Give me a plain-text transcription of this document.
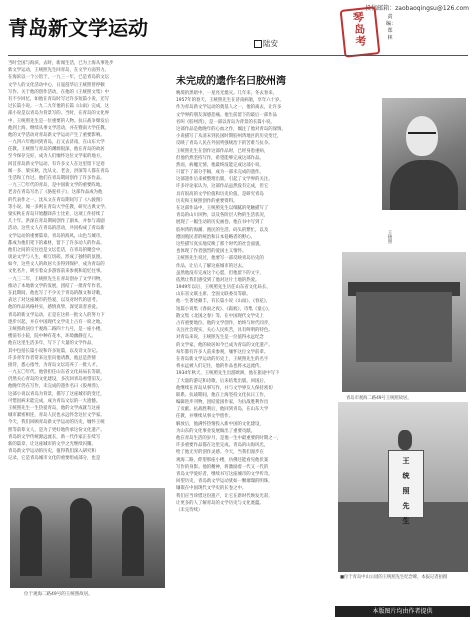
投稿邮箱：zaobaoqingsu@126.com
青岛新文学运动
陆安
琴
岛
考
责编：郑林
当时全国与海滨，去时，新闻生活，已为上海从事进步
新文学运动，王统照先生回青岛，在文学方面努力。
在海滨以一个公馆于，一九三一年，已是青岛的文坛
文学人的文化活动中心，日寇侵华后王统照曾停顿
写作。关于他的创作活动，在他的《王统照文集》中
有不少回忆，如他在青岛时写过许多短篇小说，还写
过长篇小说。一九二九年他的长篇《山雨》完成，这
部小说是以青岛为背景写的。当时，在青岛的文化界
中，王统照先生是一位重要的人物。抗日战争爆发后
他到上海，继续从事文学活动，并在暨南大学任教。
他的文学活动对青岛新文学运动产生了重要影响。
一九四六年他回到青岛，后又去济南，在山东大学
任教。王统照与青岛的渊源很深，他在青岛的故居
至今保存完好，成为人们缅怀这位文学家的地方。
回首青岛新文学运动，有许多文人在这里留下足迹
闻一多、梁实秋、沈从文、老舍、洪深等人都在青岛
生活和工作过。他们在青岛期间创作了许多作品。
一九三〇年代的青岛，是中国新文学的重要阵地。
老舍在青岛写出了《骆驼祥子》，这部作品成为他
的代表作之一。沈从文在青岛期间写了《八骏图》
等小说。闻一多则在青岛大学任教，研究古典文学。
梁实秋在青岛开始翻译莎士比亚，这项工作持续了
几十年。洪深在青岛期间创作了剧本，并参与戏剧
活动。这些文人在青岛的活动，共同构成了青岛新
文学运动的重要篇章。青岛的海风、山色与城市，
都成为他们笔下的素材，留下了许多动人的作品。
他们之间的交往也是文坛佳话，在青岛的聚会中，
谈论文学与人生，相互切磋，形成了独特的氛围。
如今，这些文人的故居大多得到保护，成为青岛的
文化名片，吸引着众多游客前来参观和追忆往事。
一九三二年，王统照先生在青岛创办了文学刊物，
推动了本地新文学的发展，团结了一批青年作者。
在此期间，他也写了不少关于青岛的散文和诗歌，
表达了对这座城市的热爱，以及对时代的思考。
他的作品风格朴实，感情真挚，深受读者喜爱。
青岛的新文学运动，正是在这样一批文人的努力下
逐步兴起，并在中国现代文学史上占有一席之地。
王统照故居位于观海二路四十九号，是一座小楼，
楼前有小院，院中种有花木，环境幽静宜人。
他在这里生活多年，写下了大量的文学作品，
其中包括长篇小说和许多短篇，以及诗文杂记。
许多青年作者常来这里向他请教，他总是热情
接待，悉心指导，为青岛文坛培养了一批人才。
一九五〇年代，他曾担任山东省文化局局长等职，
仍然关心青岛的文化建设，多次回青岛看望旧友。
他晚年仍在写作，未完成的遗作名曰《胶州湾》，
这部小说以青岛为背景，描写了这座城市的变迁，
可惜因病未能完成，成为青岛文坛的一大遗憾。
王统照先生一生热爱青岛，他的文学成就与这座
城市紧密相连，青岛人民也永远怀念这位文学家。
今天，我们回顾青岛新文学运动的历史，缅怀王统
照等前辈文人，是为了更好地传承这份文化遗产。
青岛的文学传统源远流长，新一代作家正在续写
新的篇章，让这座城市的文学之光继续闪耀。
青岛新文学运动的历史，值得我们深入研究和
记录，它是青岛城市文化的重要组成部分，也是
未完成的遗作名曰胶州湾
晚境的黑暗中，一星亮光熄灭。几年来，冬去春来，
1957年的春天，王统照先生在济南病逝，享年六十岁。
作为青岛新文学运动的奠基人之一，他的离去，让许多
文学界的朋友深感悲痛。他生前留下的最后一部作品
名叫《胶州湾》，是一部以青岛为背景的长篇小说，
这部作品是他晚年的心血之作，倾注了他对青岛的深情。
小说描写了从清末到民国时期胶州湾地区的历史变迁，
反映了青岛人民在外国列强统治下的苦难与抗争。
王统照先生在创作这部作品时，已经身患重病，
但他仍然坚持写作，希望能够完成这部作品。
然而，病魔无情，他最终没能完成这部小说，
只留下了部分手稿，成为一部未完成的遗作。
这部遗作后来被整理出版，引起了文学界的关注。
许多评论家认为，这部作品虽然没有完成，但它
具有很高的文学价值和历史价值，是研究青岛
历史和王统照创作的重要资料。
在这部作品中，王统照先生以细腻的笔触描写了
青岛的山川风物，以及各阶层人物的生活状况，
展现了一幅生动的历史画卷。他在书中写到了
胶州湾的海潮、渔民的生活、码头的繁忙，以及
德国殖民者的统治和日本侵略者的野心。
这些描写真实地反映了那个时代的社会面貌，
也体现了作者强烈的爱国主义情怀。
王统照先生说过，他要写一部反映青岛历史的
作品，让后人了解这座城市的过去。
虽然他没有完成这个心愿，但他留下的文字，
依然让我们感受到了他对这片土地的热爱。
1949年以后，王统照先生历任山东省文化局长、
山东省文联主席、全国文联委员等职。
他一生著述颇丰，有长篇小说《山雨》、《春花》，
短篇小说集《春雨之夜》、《霜痕》，诗集《童心》，
散文集《北国之春》等，在中国现代文学史上
占有重要地位。他的文学创作，始终与时代同步，
关注社会现实，关心人民疾苦，具有鲜明的特色。
对青岛来说，王统照先生是一位值得永远纪念
的文学家，他的故居如今已成为青岛的文化遗产。
每年都有许多人前来参观，缅怀这位文学前辈。
在青岛新文学运动的历史上，王统照先生的名字
将永远被人们记住，他的作品也将永远流传。
1934年秋天，王统照先生出游欧洲，他在旅途中写下
了大量的游记和诗歌，后来结集出版。回国后，
他继续在青岛从事写作，并与文学界友人保持密切
联系。抗战期间，他在上海坚持文化抗日工作，
编辑进步刊物，团结爱国作家，为抗战胜利作出
了贡献。抗战胜利后，他回到青岛，在山东大学
任教，并继续从事文学创作。
解放后，他满怀热情投入新中国的文化建设，
为山东的文化事业发展做出了重要贡献。
他在青岛生活的岁月，是他一生中最重要的时期之一，
许多重要作品都在这里完成。青岛的山海风光，
给了他无穷的创作灵感。今天，当我们漫步在
观海二路，仰望那座小楼，仿佛还能看见他伏案
写作的身影。他的精神，将激励着一代又一代的
青岛文学爱好者，继续书写这座城市的文学传奇。
回望历史，青岛新文学运动犹如一颗璀璨的明珠，
镶嵌在中国现代文学史的长卷之中。
我们应当珍惜这份遗产，让它在新时代焕发光彩，
让更多的人了解青岛的文学历史与文化底蕴。
（未完待续）
王统照
青岛市观海二路49号王统照故居。
王
统
照
先
生
■位于青岛中山公园的王统照先生纪念碑，本报记者拍摄
位于观海二路49号的王统照故居。
本版图片均由作者提供
